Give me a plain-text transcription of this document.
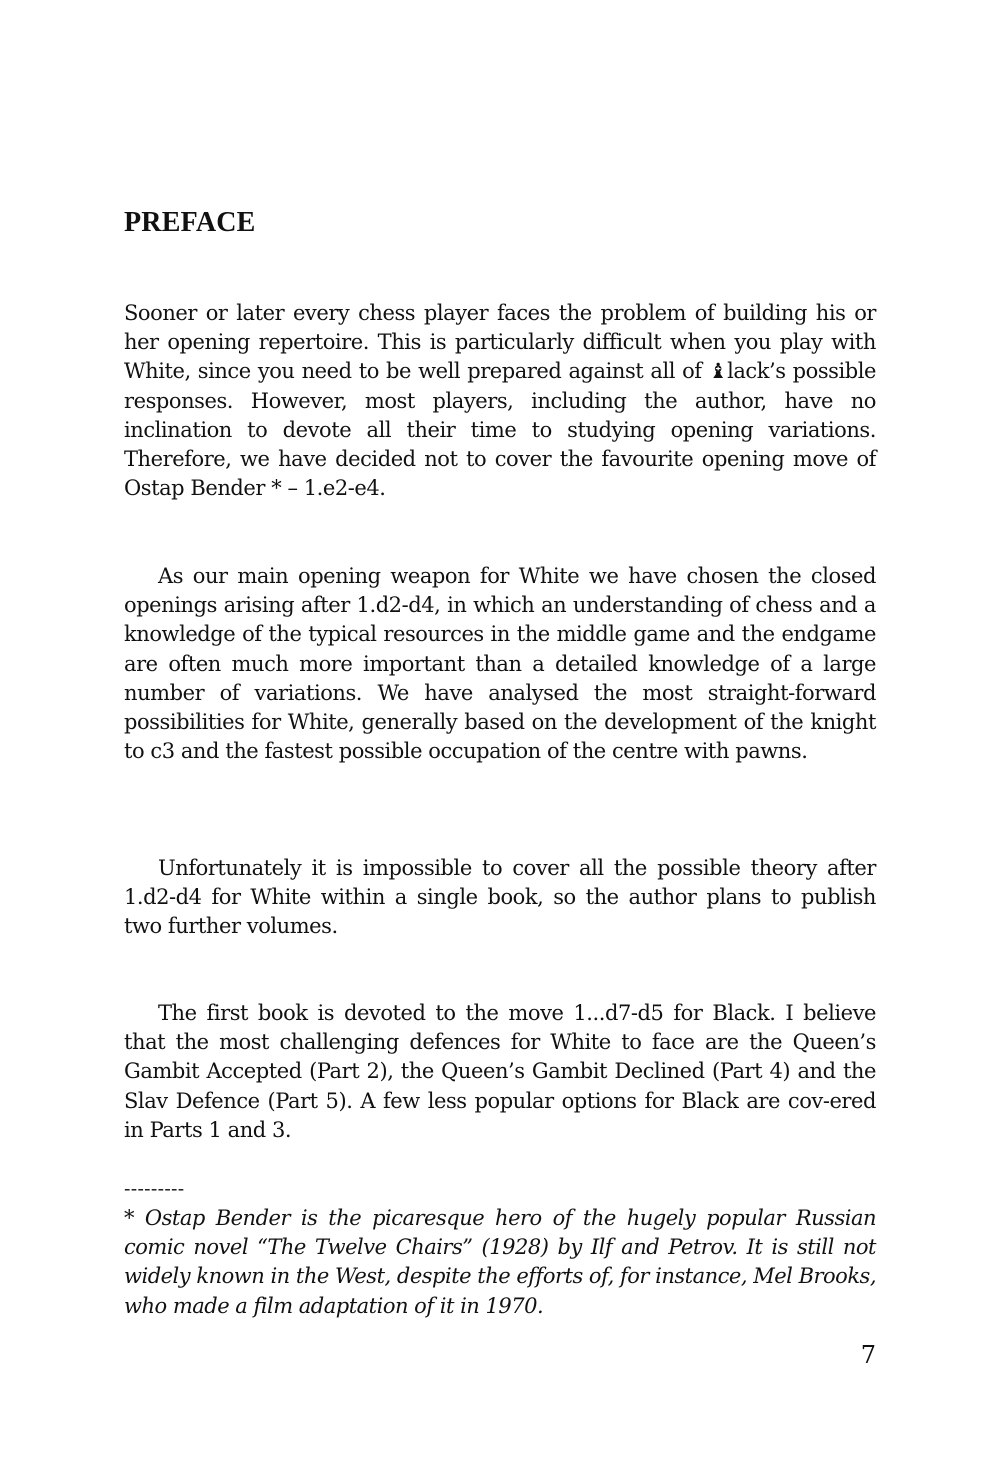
PREFACE

Sooner or later every chess player faces the problem of building his or her opening repertoire. This is particularly difficult when you play with White, since you need to be well prepared against all of ♝lack’s possible responses. However, most players, including the author, have no inclination to devote all their time to studying opening variations. Therefore, we have decided not to cover the favourite opening move of Ostap Bender * – 1.e2-e4.

As our main opening weapon for White we have chosen the closed openings arising after 1.d2-d4, in which an understanding of chess and a knowledge of the typical resources in the middle game and the endgame are often much more important than a detailed knowledge of a large number of variations. We have analysed the most straight-forward possibilities for White, generally based on the development of the knight to c3 and the fastest possible occupation of the centre with pawns.

Unfortunately it is impossible to cover all the possible theory after 1.d2-d4 for White within a single book, so the author plans to publish two further volumes.

The first book is devoted to the move 1...d7-d5 for Black. I believe that the most challenging defences for White to face are the Queen’s Gambit Accepted (Part 2), the Queen’s Gambit Declined (Part 4) and the Slav Defence (Part 5). A few less popular options for Black are cov-ered in Parts 1 and 3.

---------

* Ostap Bender is the picaresque hero of the hugely popular Russian comic novel “The Twelve Chairs” (1928) by Ilf and Petrov. It is still not widely known in the West, despite the efforts of, for instance, Mel Brooks, who made a film adaptation of it in 1970.

7
